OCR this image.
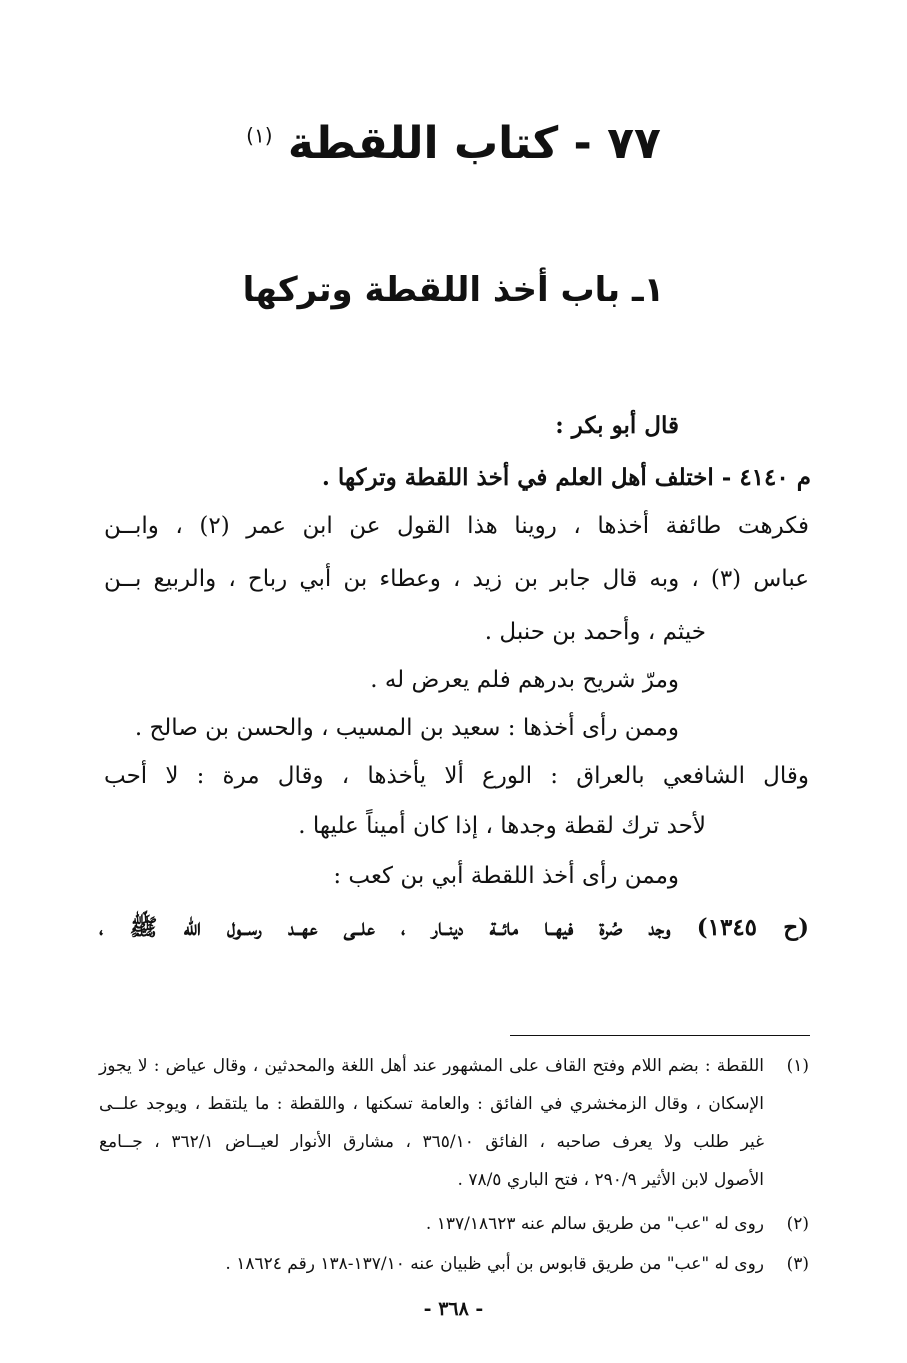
٧٧ - كتاب اللقطة $^{(١)}$
١ـ باب أخذ اللقطة وتركها
قال أبو بكر :
م ٤١٤٠ - اختلف أهل العلم في أخذ اللقطة وتركها .
فكرهت طائفة أخذها ، روينا هذا القول عن ابن عمر (٢) ، وابــن
عباس (٣) ، وبه قال جابر بن زيد ، وعطاء بن أبي رباح ، والربيع بــن
خيثم ، وأحمد بن حنبل .
ومرّ شريح بدرهم فلم يعرض له .
وممن رأى أخذها : سعيد بن المسيب ، والحسن بن صالح .
وقال الشافعي بالعراق : الورع ألا يأخذها ، وقال مرة : لا أحب
لأحد ترك لقطة وجدها ، إذا كان أميناً عليها .
وممن رأى أخذ اللقطة أبي بن كعب :
(ح ١٣٤٥) وجد صُرة فيهــا مائــة دينــار ، علــى عهــد رســول الله ﷺ ،
(١)
اللقطة : بضم اللام وفتح القاف على المشهور عند أهل اللغة والمحدثين ، وقال عياض : لا يجوز
الإسكان ، وقال الزمخشري في الفائق : والعامة تسكنها ، واللقطة : ما يلتقط ، ويوجد علــى
غير طلب ولا يعرف صاحبه ، الفائق ٣٦٥/١٠ ، مشارق الأنوار لعيــاض ٣٦٢/١ ، جــامع
الأصول لابن الأثير ٢٩٠/٩ ، فتح الباري ٧٨/٥ .
(٢)
روى له "عب" من طريق سالم عنه ١٣٧/١٨٦٢٣ .
(٣)
روى له "عب" من طريق قابوس بن أبي ظبيان عنه ١٣٧/١٠-١٣٨ رقم ١٨٦٢٤ .
- ٣٦٨ -
